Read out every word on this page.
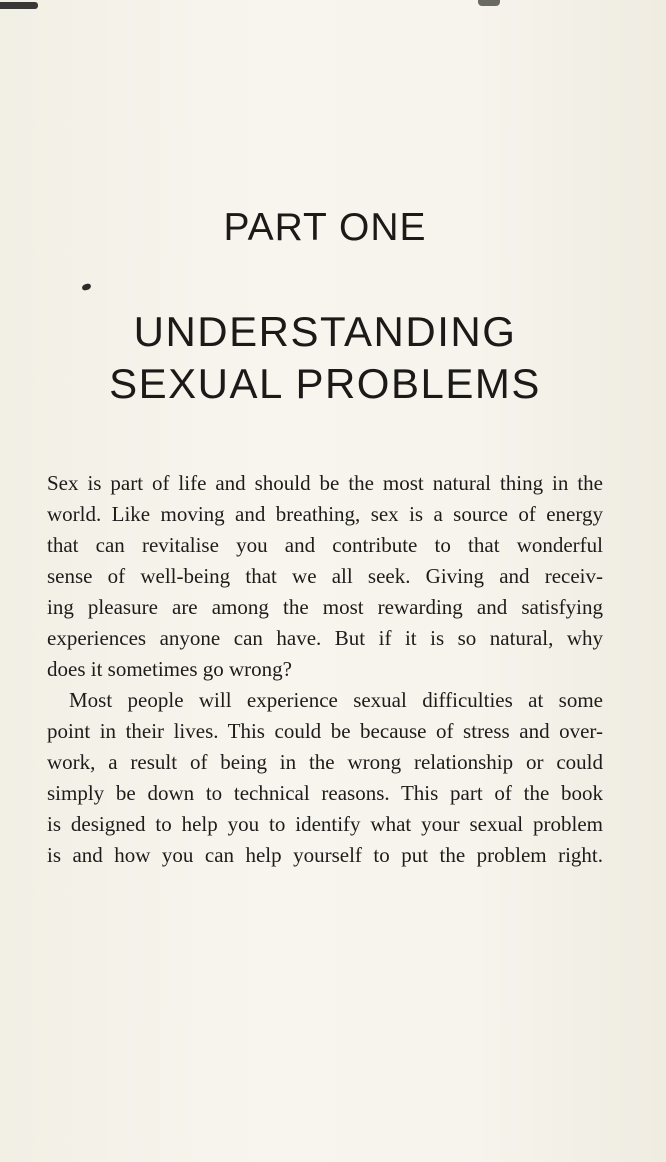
PART ONE
UNDERSTANDING
SEXUAL PROBLEMS

Sex is part of life and should be the most natural thing in the
world. Like moving and breathing, sex is a source of energy
that can revitalise you and contribute to that wonderful
sense of well-being that we all seek. Giving and receiv-
ing pleasure are among the most rewarding and satisfying
experiences anyone can have. But if it is so natural, why
does it sometimes go wrong?

Most people will experience sexual difficulties at some
point in their lives. This could be because of stress and over-
work, a result of being in the wrong relationship or could
simply be down to technical reasons. This part of the book
is designed to help you to identify what your sexual problem
is and how you can help yourself to put the problem right.
